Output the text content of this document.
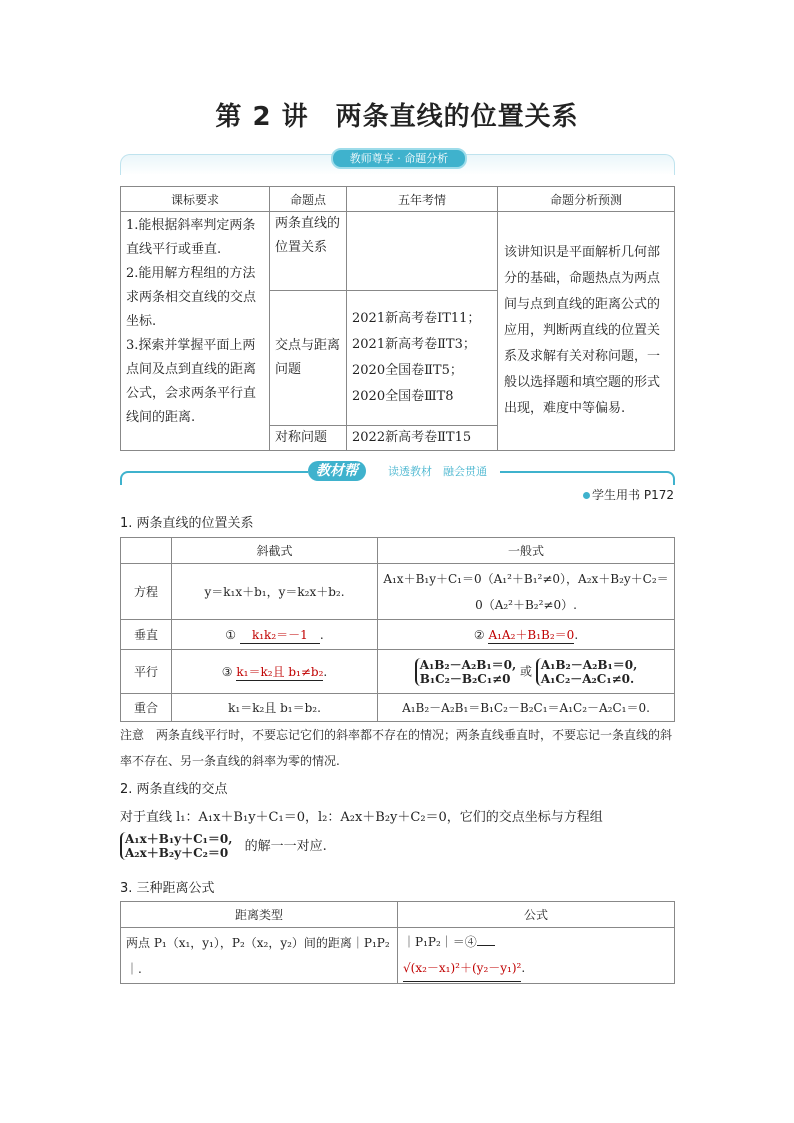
第 2 讲　两条直线的位置关系
教师尊享 · 命题分析
课标要求	命题点	五年考情	命题分析预测

1.能根据斜率判定两条直线平行或垂直.
2.能用解方程组的方法求两条相交直线的交点坐标.
3.探索并掌握平面上两点间及点到直线的距离公式，会求两条平行直线间的距离.	两条直线的位置关系		该讲知识是平面解析几何部分的基础，命题热点为两点间与点到直线的距离公式的应用，判断两直线的位置关系及求解有关对称问题，一般以选择题和填空题的形式出现，难度中等偏易.
	交点与距离问题	2021新高考卷ⅠT11；2021新高考卷ⅡT3；2020全国卷ⅡT5；2020全国卷ⅢT8	
	对称问题	2022新高考卷ⅡT15	
教材帮	读透教材　融会贯通
学生用书 P172
1. 两条直线的位置关系
	斜截式	一般式
方程	y＝k₁x＋b₁，y＝k₂x＋b₂.	A₁x＋B₁y＋C₁＝0（A₁²＋B₁²≠0），A₂x＋B₂y＋C₂＝0（A₂²＋B₂²≠0）.
垂直	① k₁k₂＝－1 .	② A₁A₂＋B₁B₂＝0.
平行	③ k₁＝k₂且 b₁≠b₂.	A₁B₂－A₂B₁＝0,
B₁C₂－B₂C₁≠0 或 A₁B₂－A₂B₁＝0,
A₁C₂－A₂C₁≠0.
重合	k₁＝k₂且 b₁＝b₂.	A₁B₂－A₂B₁＝B₁C₂－B₂C₁＝A₁C₂－A₂C₁＝0.
注意　两条直线平行时，不要忘记它们的斜率都不存在的情况；两条直线垂直时，不要忘记一条直线的斜率不存在、另一条直线的斜率为零的情况.
2. 两条直线的交点
对于直线 l₁：A₁x＋B₁y＋C₁＝0，l₂：A₂x＋B₂y＋C₂＝0，它们的交点坐标与方程组
A₁x＋B₁y＋C₁＝0,
A₂x＋B₂y＋C₂＝0 的解一一对应.
3. 三种距离公式
距离类型	公式
两点 P₁（x₁，y₁），P₂（x₂，y₂）间的距离｜P₁P₂｜.	｜P₁P₂｜＝④
√(x₂－x₁)²＋(y₂－y₁)².
